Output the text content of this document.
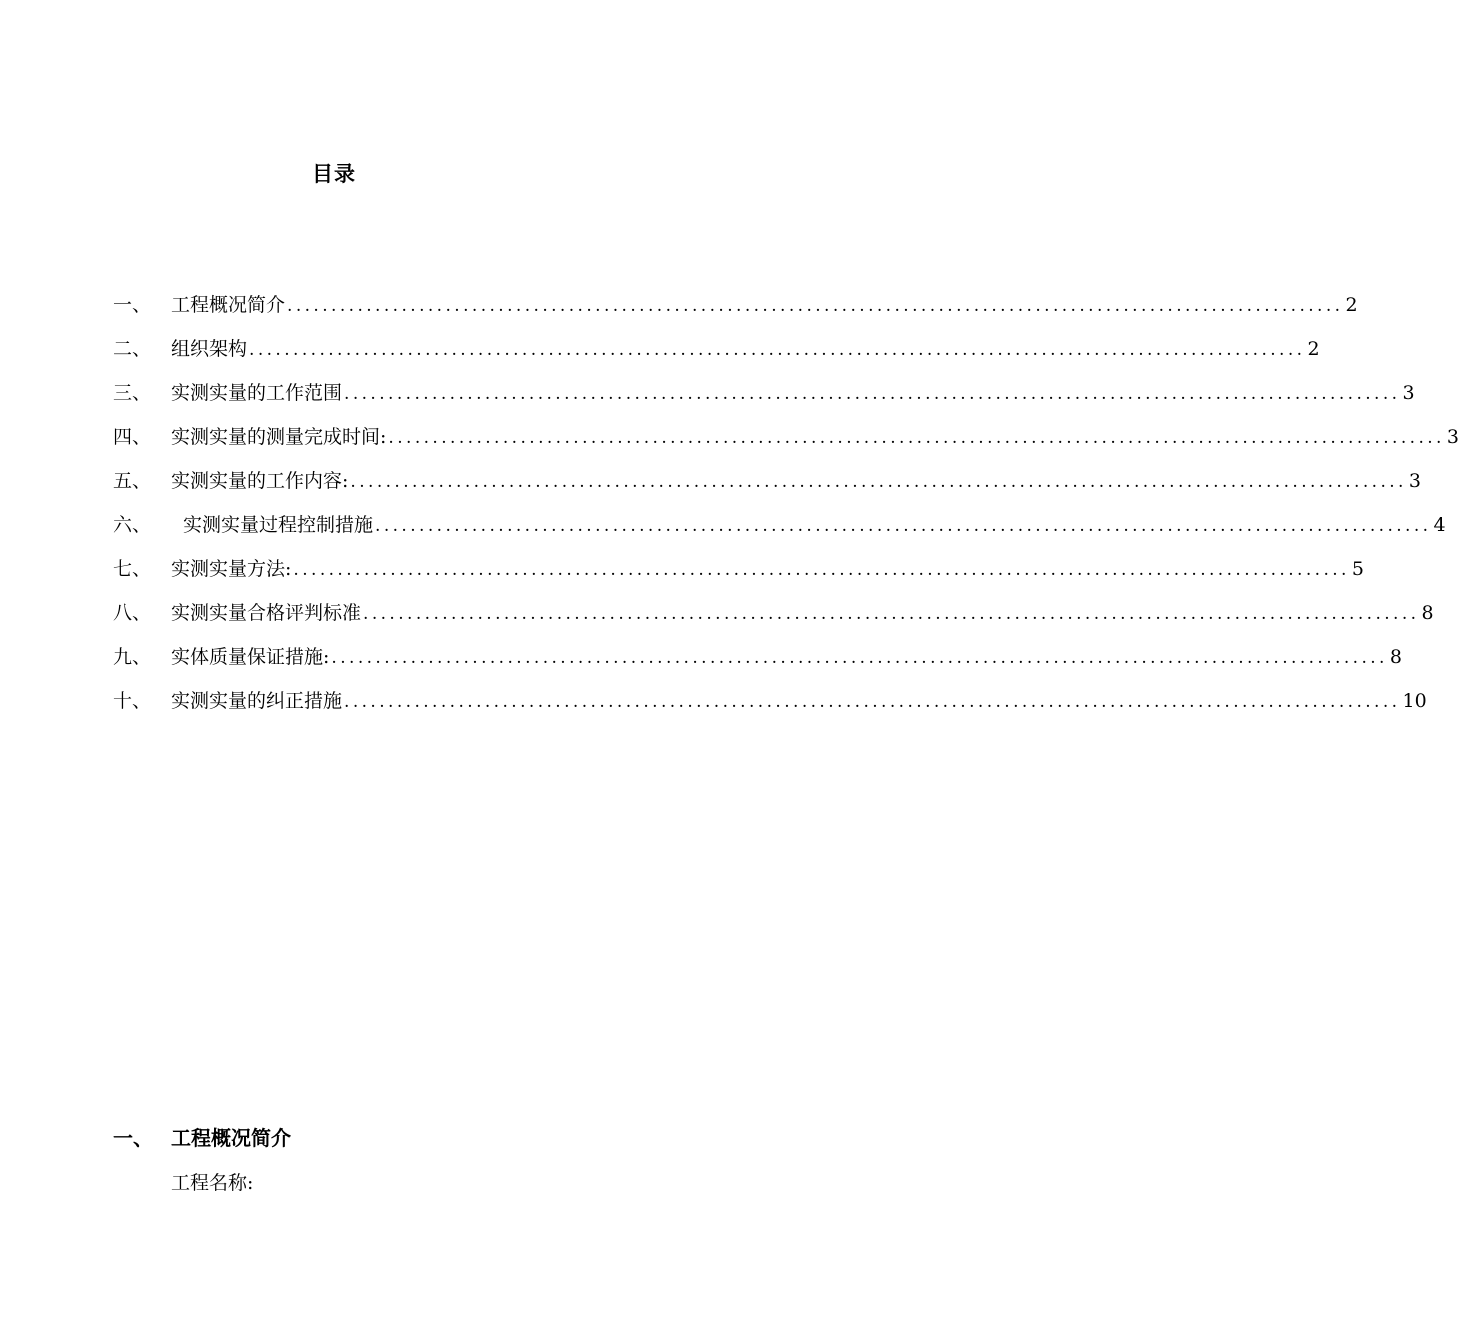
目录
一、	工程概况简介 ........................................................................................................................ 2
二、	组织架构 ........................................................................................................................ 2
三、	实测实量的工作范围 ........................................................................................................................ 3
四、	实测实量的测量完成时间: ........................................................................................................................ 3
五、	实测实量的工作内容: ........................................................................................................................ 3
六、	实测实量过程控制措施 ........................................................................................................................ 4
七、	实测实量方法: ........................................................................................................................ 5
八、	实测实量合格评判标准 ........................................................................................................................ 8
九、	实体质量保证措施: ........................................................................................................................ 8
十、	实测实量的纠正措施 ........................................................................................................................ 10
一、 工程概况简介
工程名称:
